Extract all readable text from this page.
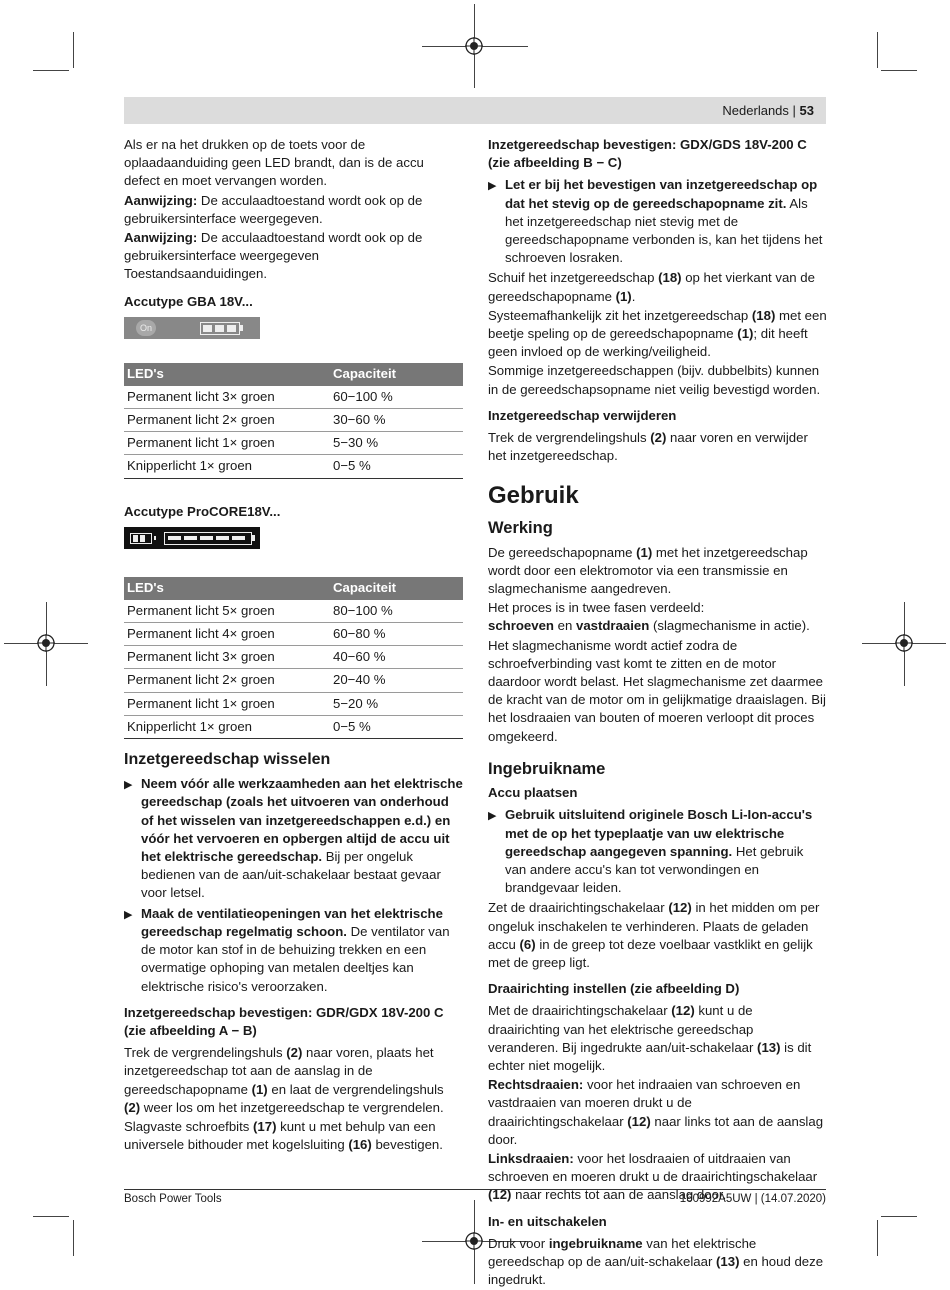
Nederlands | 53

Als er na het drukken op de toets voor de oplaadaanduiding geen LED brandt, dan is de accu defect en moet vervangen worden.

Aanwijzing: De acculaadtoestand wordt ook op de gebruikersinterface weergegeven.

Aanwijzing: De acculaadtoestand wordt ook op de gebruikersinterface weergegeven Toestandsaanduidingen.

Accutype GBA 18V...
On
LED's	Capaciteit
Permanent licht 3× groen	60−100 %
Permanent licht 2× groen	30−60 %
Permanent licht 1× groen	5−30 %
Knipperlicht 1× groen	0−5 %
Accutype ProCORE18V...
LED's	Capaciteit
Permanent licht 5× groen	80−100 %
Permanent licht 4× groen	60−80 %
Permanent licht 3× groen	40−60 %
Permanent licht 2× groen	20−40 %
Permanent licht 1× groen	5−20 %
Knipperlicht 1× groen	0−5 %
Inzetgereedschap wisselen
▶ Neem vóór alle werkzaamheden aan het elektrische gereedschap (zoals het uitvoeren van onderhoud of het wisselen van inzetgereedschappen e.d.) en vóór het vervoeren en opbergen altijd de accu uit het elektrische gereedschap. Bij per ongeluk bedienen van de aan/uit-schakelaar bestaat gevaar voor letsel.
▶ Maak de ventilatieopeningen van het elektrische gereedschap regelmatig schoon. De ventilator van de motor kan stof in de behuizing trekken en een overmatige ophoping van metalen deeltjes kan elektrische risico's veroorzaken.
Inzetgereedschap bevestigen: GDR/GDX 18V-200 C (zie afbeelding A − B)

Trek de vergrendelingshuls (2) naar voren, plaats het inzetgereedschap tot aan de aanslag in de gereedschapopname (1) en laat de vergrendelingshuls (2) weer los om het inzetgereedschap te vergrendelen.

Slagvaste schroefbits (17) kunt u met behulp van een universele bithouder met kogelsluiting (16) bevestigen.

Inzetgereedschap bevestigen: GDX/GDS 18V-200 C (zie afbeelding B − C)
▶ Let er bij het bevestigen van inzetgereedschap op dat het stevig op de gereedschapopname zit. Als het inzetgereedschap niet stevig met de gereedschapopname verbonden is, kan het tijdens het schroeven losraken.

Schuif het inzetgereedschap (18) op het vierkant van de gereedschapopname (1).

Systeemafhankelijk zit het inzetgereedschap (18) met een beetje speling op de gereedschapopname (1); dit heeft geen invloed op de werking/veiligheid.

Sommige inzetgereedschappen (bijv. dubbelbits) kunnen in de gereedschapsopname niet veilig bevestigd worden.

Inzetgereedschap verwijderen

Trek de vergrendelingshuls (2) naar voren en verwijder het inzetgereedschap.

Gebruik
Werking

De gereedschapopname (1) met het inzetgereedschap wordt door een elektromotor via een transmissie en slagmechanisme aangedreven.

Het proces is in twee fasen verdeeld:

schroeven en vastdraaien (slagmechanisme in actie).

Het slagmechanisme wordt actief zodra de schroefverbinding vast komt te zitten en de motor daardoor wordt belast. Het slagmechanisme zet daarmee de kracht van de motor om in gelijkmatige draaislagen. Bij het losdraaien van bouten of moeren verloopt dit proces omgekeerd.

Ingebruikname
Accu plaatsen
▶ Gebruik uitsluitend originele Bosch Li-Ion-accu's met de op het typeplaatje van uw elektrische gereedschap aangegeven spanning. Het gebruik van andere accu's kan tot verwondingen en brandgevaar leiden.

Zet de draairichtingschakelaar (12) in het midden om per ongeluk inschakelen te verhinderen. Plaats de geladen accu (6) in de greep tot deze voelbaar vastklikt en gelijk met de greep ligt.

Draairichting instellen (zie afbeelding D)

Met de draairichtingschakelaar (12) kunt u de draairichting van het elektrische gereedschap veranderen. Bij ingedrukte aan/uit-schakelaar (13) is dit echter niet mogelijk.

Rechtsdraaien: voor het indraaien van schroeven en vastdraaien van moeren drukt u de draairichtingschakelaar (12) naar links tot aan de aanslag door.

Linksdraaien: voor het losdraaien of uitdraaien van schroeven en moeren drukt u de draairichtingschakelaar (12) naar rechts tot aan de aanslag door.

In- en uitschakelen

Druk voor ingebruikname van het elektrische gereedschap op de aan/uit-schakelaar (13) en houd deze ingedrukt.

Bosch Power Tools	160992A5UW | (14.07.2020)
